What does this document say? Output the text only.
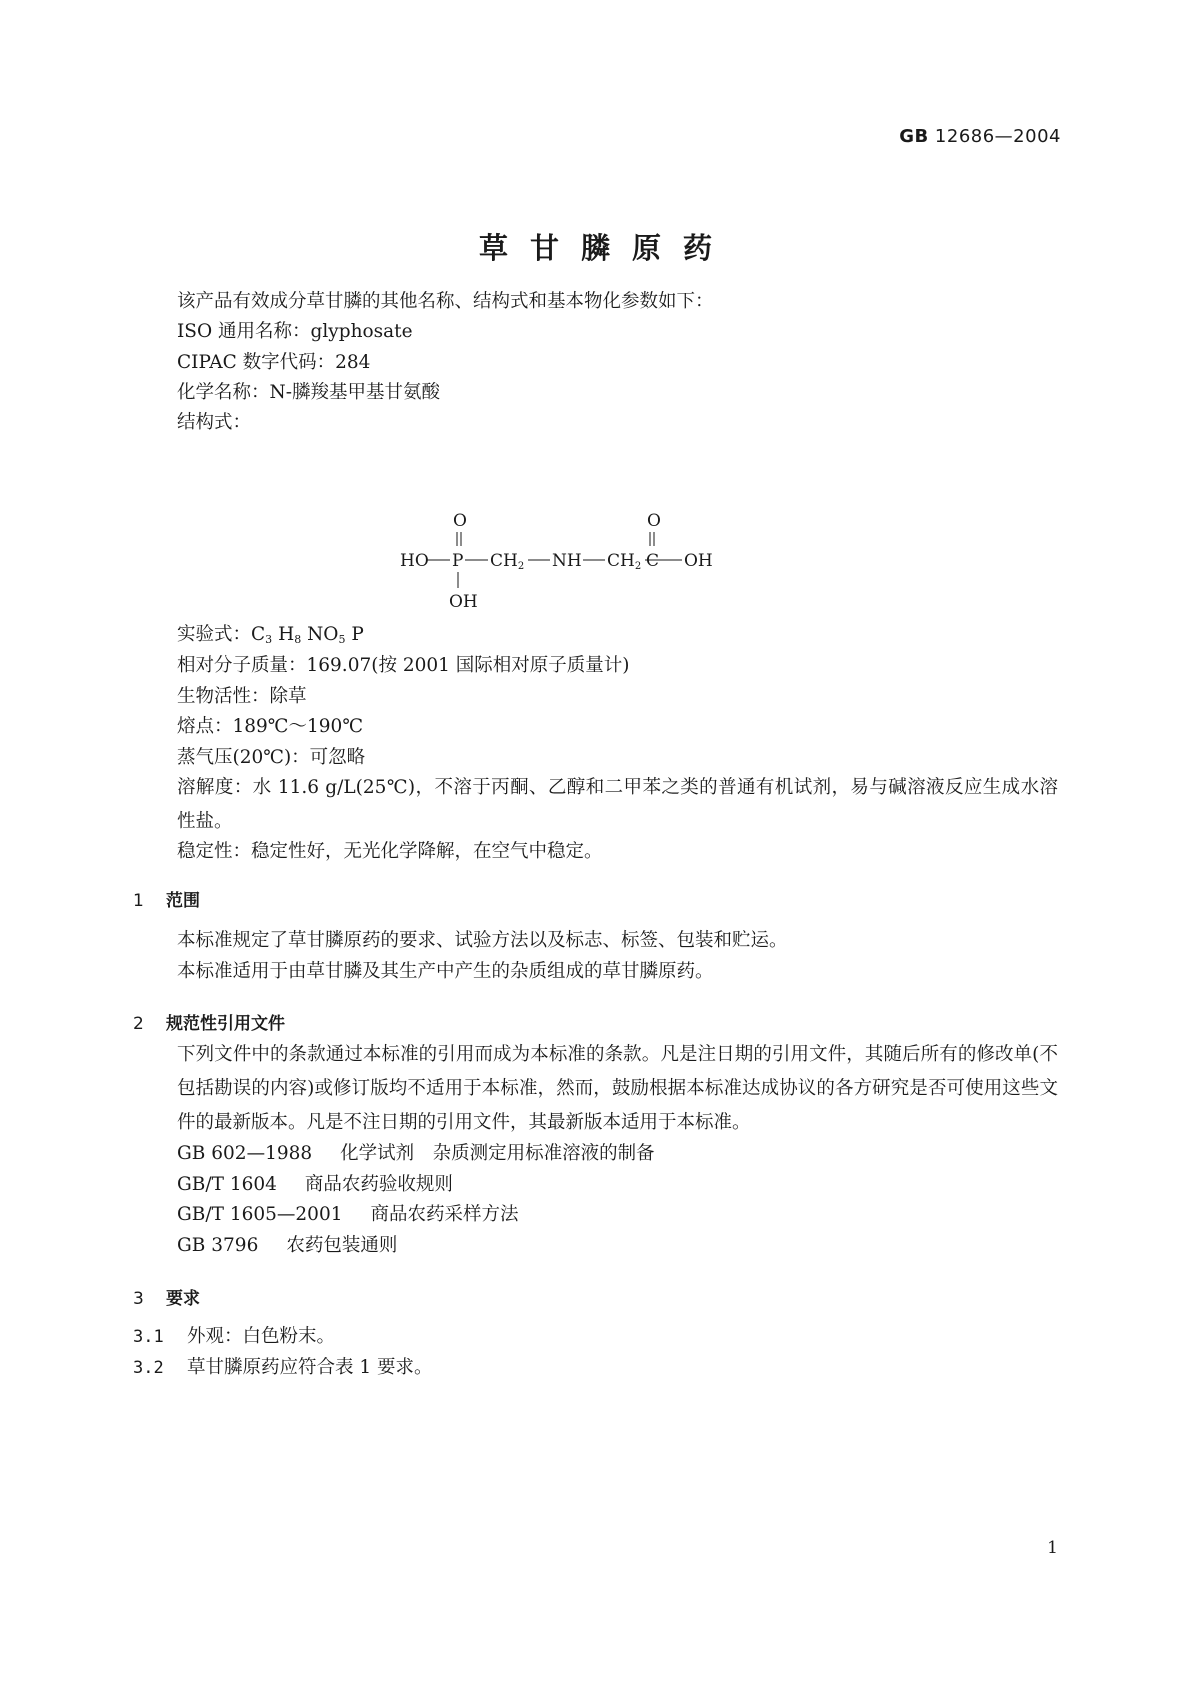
GB 12686—2004
草甘膦原药
该产品有效成分草甘膦的其他名称、结构式和基本物化参数如下：
ISO 通用名称：glyphosate
CIPAC 数字代码：284
化学名称：N-膦羧基甲基甘氨酸
结构式：
O
HO P CH2 NH CH2
O
C OH
OH
实验式：$C_3$ $H_8$ $NO_5$ P
相对分子质量：169.07(按 2001 国际相对原子质量计)
生物活性：除草
熔点：189℃～190℃
蒸气压(20℃)：可忽略
溶解度：水 11.6 g/L(25℃)，不溶于丙酮、乙醇和二甲苯之类的普通有机试剂，易与碱溶液反应生成水溶性盐。
稳定性：稳定性好，无光化学降解，在空气中稳定。
1 范围
本标准规定了草甘膦原药的要求、试验方法以及标志、标签、包装和贮运。
本标准适用于由草甘膦及其生产中产生的杂质组成的草甘膦原药。
2 规范性引用文件
下列文件中的条款通过本标准的引用而成为本标准的条款。凡是注日期的引用文件，其随后所有的修改单(不包括勘误的内容)或修订版均不适用于本标准，然而，鼓励根据本标准达成协议的各方研究是否可使用这些文件的最新版本。凡是不注日期的引用文件，其最新版本适用于本标准。
GB 602—1988 化学试剂　杂质测定用标准溶液的制备
GB/T 1604 商品农药验收规则
GB/T 1605—2001 商品农药采样方法
GB 3796 农药包装通则
3 要求
3.1 外观：白色粉末。
3.2 草甘膦原药应符合表 1 要求。
1
